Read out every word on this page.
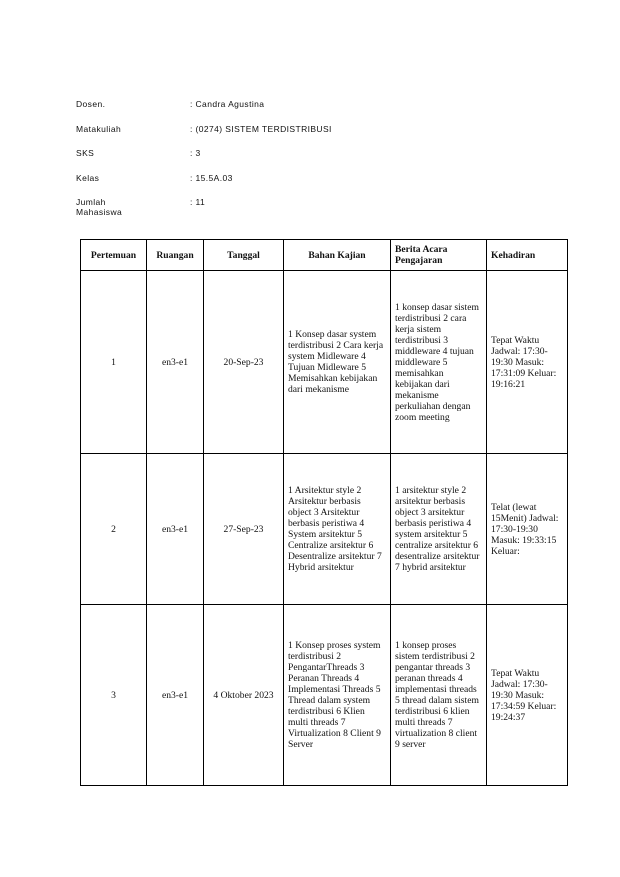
Dosen.	: Candra Agustina
Matakuliah	: (0274) SISTEM TERDISTRIBUSI
SKS	: 3
Kelas	: 15.5A.03
Jumlah Mahasiswa
: 11
Pertemuan	Ruangan	Tanggal	Bahan Kajian	Berita Acara Pengajaran	Kehadiran
1	en3-e1	20-Sep-23	1 Konsep dasar system terdistribusi 2 Cara kerja system Midleware 4 Tujuan Midleware 5 Memisahkan kebijakan dari mekanisme	1 konsep dasar sistem terdistribusi 2 cara kerja sistem terdistribusi 3 middleware 4 tujuan middleware 5 memisahkan kebijakan dari mekanisme perkuliahan dengan zoom meeting	Tepat Waktu Jadwal: 17:30-19:30 Masuk: 17:31:09 Keluar: 19:16:21
2	en3-e1	27-Sep-23	1 Arsitektur style 2 Arsitektur berbasis object 3 Arsitektur berbasis peristiwa 4 System arsitektur 5 Centralize arsitektur 6 Desentralize arsitektur 7 Hybrid arsitektur	1 arsitektur style 2 arsitektur berbasis object 3 arsitektur berbasis peristiwa 4 system arsitektur 5 centralize arsitektur 6 desentralize arsitektur 7 hybrid arsitektur	Telat (lewat 15Menit) Jadwal: 17:30-19:30 Masuk: 19:33:15 Keluar:
3	en3-e1	4 Oktober 2023	1 Konsep proses system terdistribusi 2 PengantarThreads 3 Peranan Threads 4 Implementasi Threads 5 Thread dalam system terdistribusi 6 Klien multi threads 7 Virtualization 8 Client 9 Server	1 konsep proses sistem terdistribusi 2 pengantar threads 3 peranan threads 4 implementasi threads 5 thread dalam sistem terdistribusi 6 klien multi threads 7 virtualization 8 client 9 server	Tepat Waktu Jadwal: 17:30-19:30 Masuk: 17:34:59 Keluar: 19:24:37
